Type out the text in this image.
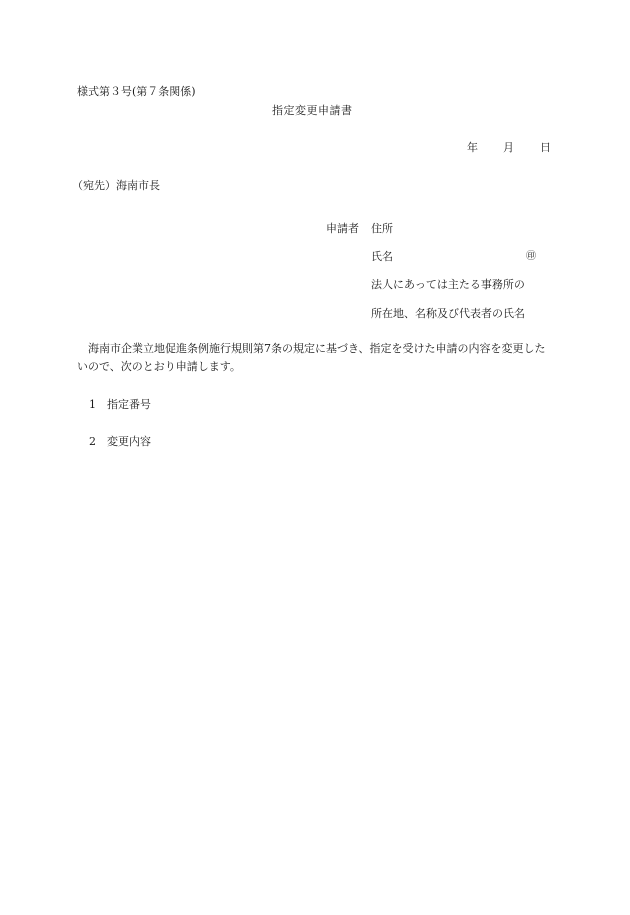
様式第３号(第７条関係)
指定変更申請書
年 月 日
（宛先）海南市長
申請者 住所
氏名	㊞
法人にあっては主たる事務所の
所在地、名称及び代表者の氏名
海南市企業立地促進条例施行規則第7条の規定に基づき、指定を受けた申請の内容を変更したいので、次のとおり申請します。
1 指定番号
2 変更内容
